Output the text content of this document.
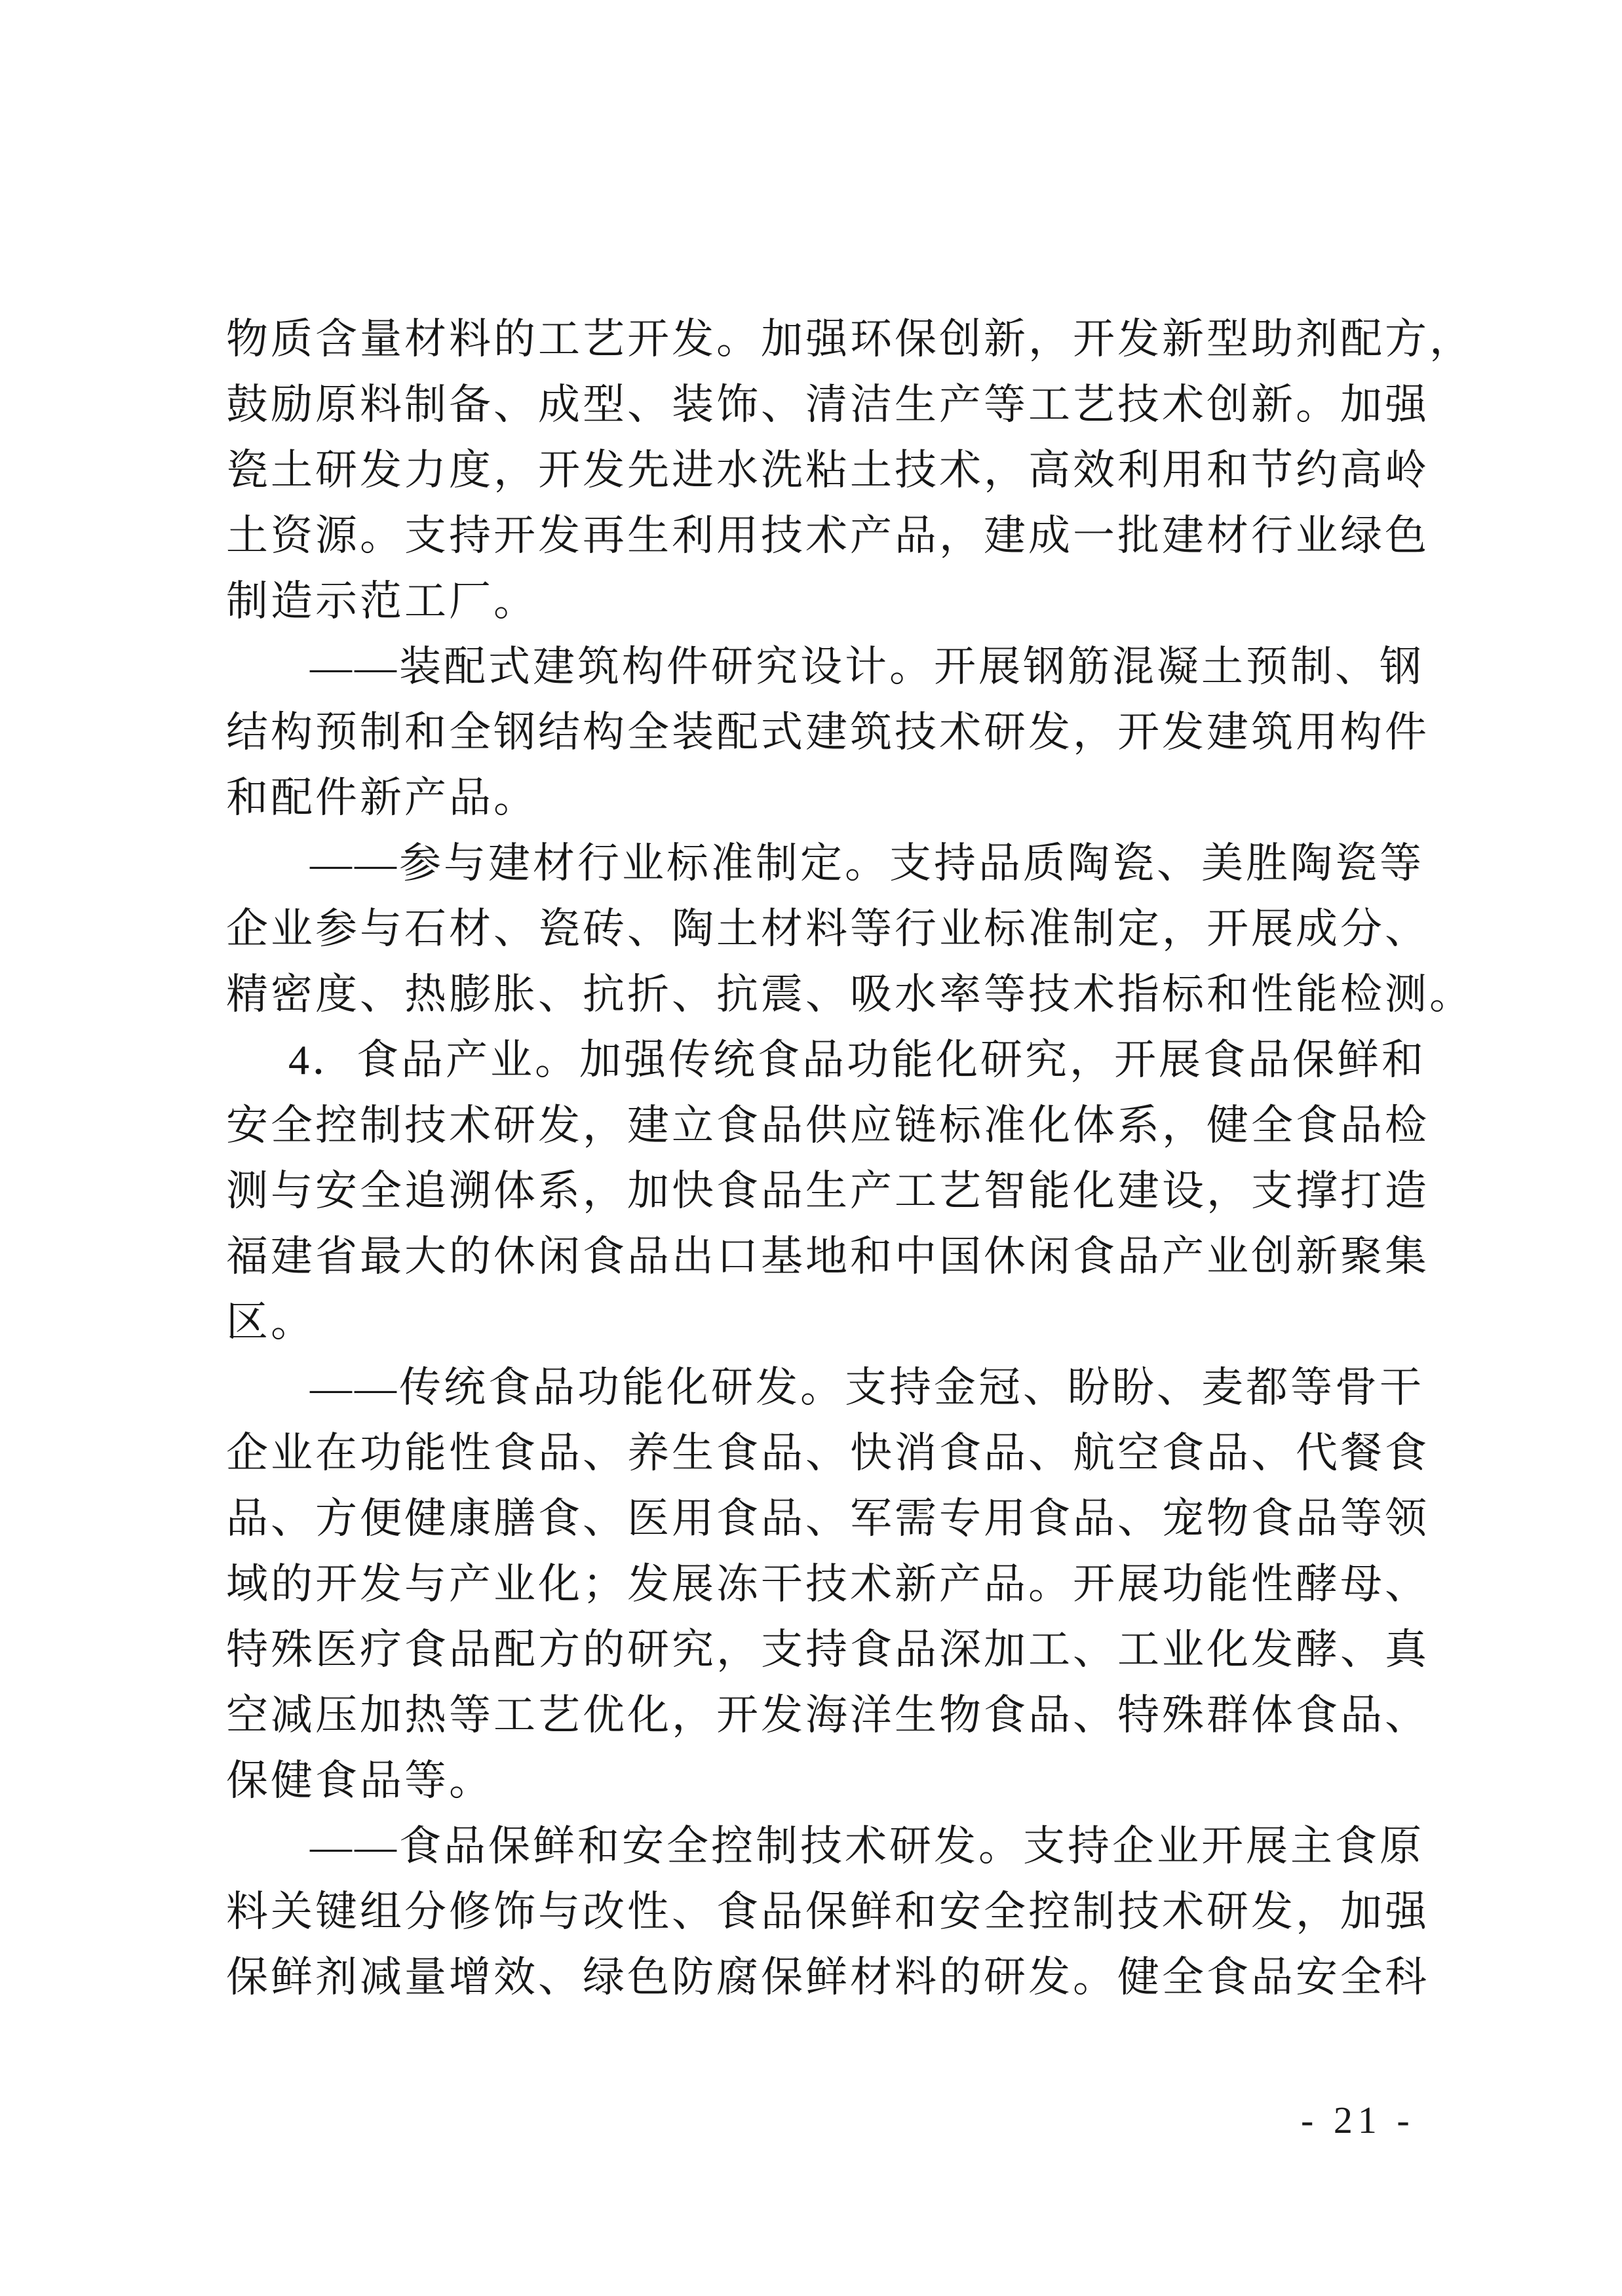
物质含量材料的工艺开发。加强环保创新，开发新型助剂配方，
鼓励原料制备、成型、装饰、清洁生产等工艺技术创新。加强
瓷土研发力度，开发先进水洗粘土技术，高效利用和节约高岭
土资源。支持开发再生利用技术产品，建成一批建材行业绿色
制造示范工厂。
——装配式建筑构件研究设计。开展钢筋混凝土预制、钢
结构预制和全钢结构全装配式建筑技术研发，开发建筑用构件
和配件新产品。
——参与建材行业标准制定。支持品质陶瓷、美胜陶瓷等
企业参与石材、瓷砖、陶土材料等行业标准制定，开展成分、
精密度、热膨胀、抗折、抗震、吸水率等技术指标和性能检测。
4．食品产业。加强传统食品功能化研究，开展食品保鲜和
安全控制技术研发，建立食品供应链标准化体系，健全食品检
测与安全追溯体系，加快食品生产工艺智能化建设，支撑打造
福建省最大的休闲食品出口基地和中国休闲食品产业创新聚集
区。
——传统食品功能化研发。支持金冠、盼盼、麦都等骨干
企业在功能性食品、养生食品、快消食品、航空食品、代餐食
品、方便健康膳食、医用食品、军需专用食品、宠物食品等领
域的开发与产业化；发展冻干技术新产品。开展功能性酵母、
特殊医疗食品配方的研究，支持食品深加工、工业化发酵、真
空减压加热等工艺优化，开发海洋生物食品、特殊群体食品、
保健食品等。
——食品保鲜和安全控制技术研发。支持企业开展主食原
料关键组分修饰与改性、食品保鲜和安全控制技术研发，加强
保鲜剂减量增效、绿色防腐保鲜材料的研发。健全食品安全科
- 21 -
